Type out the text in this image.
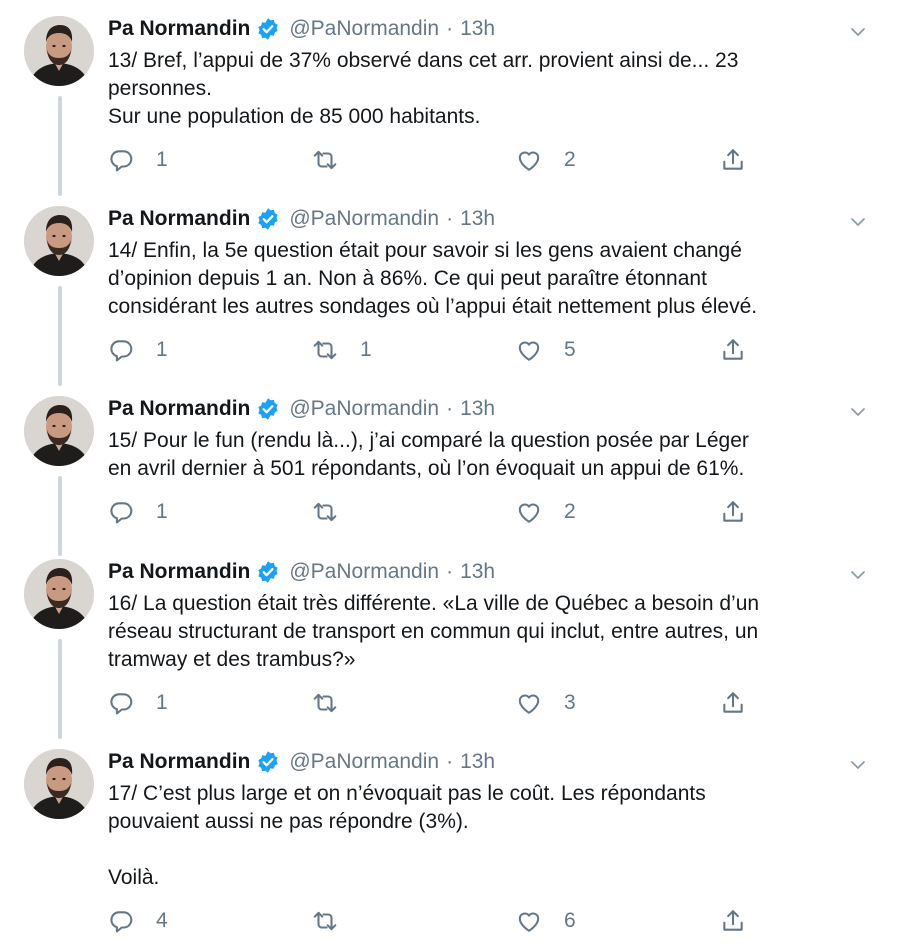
Pa Normandin @PaNormandin · 13h
13/ Bref, l’appui de 37% observé dans cet arr. provient ainsi de... 23
personnes.
Sur une population de 85 000 habitants.
1	2
Pa Normandin @PaNormandin · 13h
14/ Enfin, la 5e question était pour savoir si les gens avaient changé
d’opinion depuis 1 an. Non à 86%. Ce qui peut paraître étonnant
considérant les autres sondages où l’appui était nettement plus élevé.
1	1	5
Pa Normandin @PaNormandin · 13h
15/ Pour le fun (rendu là...), j’ai comparé la question posée par Léger
en avril dernier à 501 répondants, où l’on évoquait un appui de 61%.
1	2
Pa Normandin @PaNormandin · 13h
16/ La question était très différente. «La ville de Québec a besoin d’un
réseau structurant de transport en commun qui inclut, entre autres, un
tramway et des trambus?»
1	3
Pa Normandin @PaNormandin · 13h
17/ C’est plus large et on n’évoquait pas le coût. Les répondants
pouvaient aussi ne pas répondre (3%).
Voilà.
4	6
